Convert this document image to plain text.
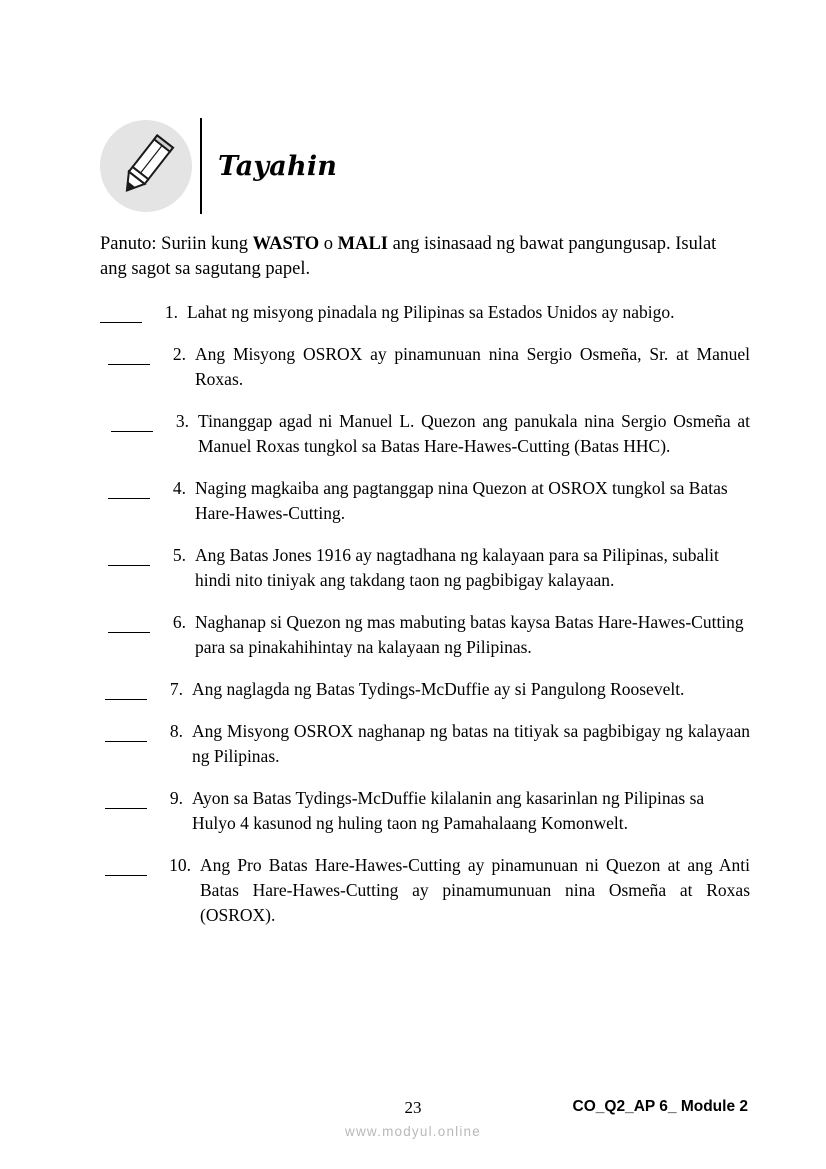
Tayahin
Panuto: Suriin kung WASTO o MALI ang isinasaad ng bawat pangungusap. Isulat ang sagot sa sagutang papel.
1. Lahat ng misyong pinadala ng Pilipinas sa Estados Unidos ay nabigo.
2. Ang Misyong OSROX ay pinamunuan nina Sergio Osmeña, Sr. at Manuel Roxas.
3. Tinanggap agad ni Manuel L. Quezon ang panukala nina Sergio Osmeña at Manuel Roxas tungkol sa Batas Hare-Hawes-Cutting (Batas HHC).
4. Naging magkaiba ang pagtanggap nina Quezon at OSROX tungkol sa Batas Hare-Hawes-Cutting.
5. Ang Batas Jones 1916 ay nagtadhana ng kalayaan para sa Pilipinas, subalit hindi nito tiniyak ang takdang taon ng pagbibigay kalayaan.
6. Naghanap si Quezon ng mas mabuting batas kaysa Batas Hare-Hawes-Cutting para sa pinakahihintay na kalayaan ng Pilipinas.
7. Ang naglagda ng Batas Tydings-McDuffie ay si Pangulong Roosevelt.
8. Ang Misyong OSROX naghanap ng batas na titiyak sa pagbibigay ng kalayaan ng Pilipinas.
9. Ayon sa Batas Tydings-McDuffie kilalanin ang kasarinlan ng Pilipinas sa Hulyo 4 kasunod ng huling taon ng Pamahalaang Komonwelt.
10. Ang Pro Batas Hare-Hawes-Cutting ay pinamunuan ni Quezon at ang Anti Batas Hare-Hawes-Cutting ay pinamumunuan nina Osmeña at Roxas (OSROX).
23	CO_Q2_AP 6_ Module 2
www.modyul.online
